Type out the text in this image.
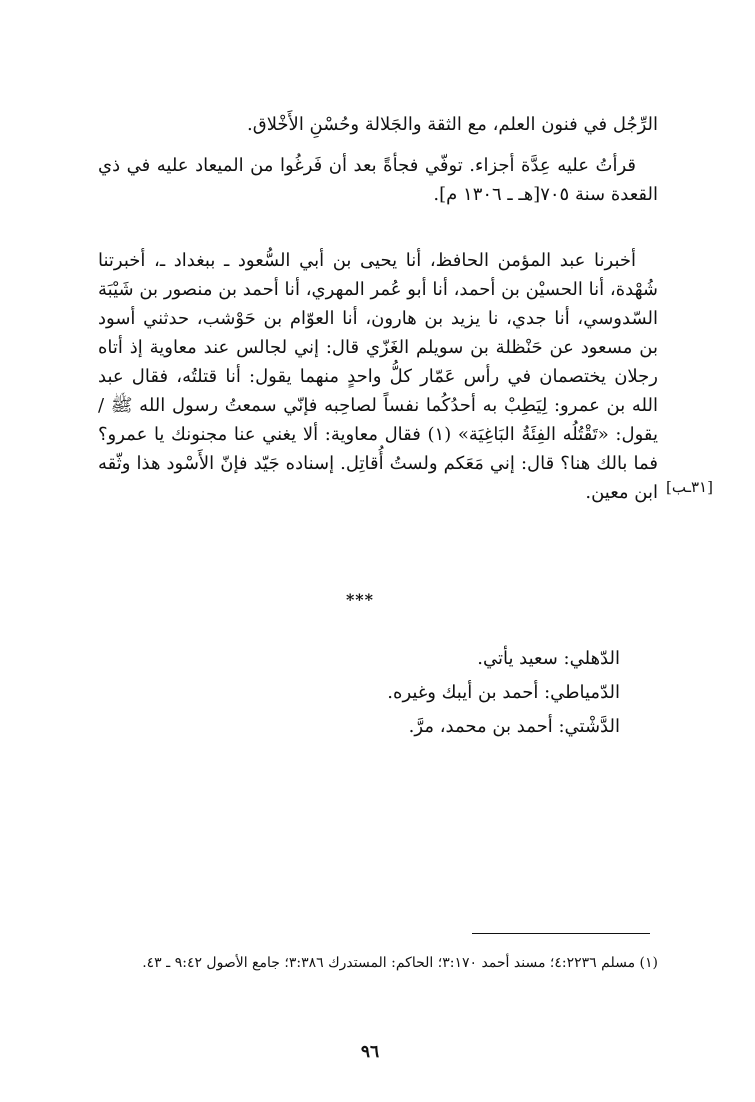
الرِّجُل في فنون العلم، مع الثقة والجَلالة وحُسْنِ الأَخْلاق.

قرأتُ عليه عِدَّة أجزاء. توفّي فجأةً بعد أن فَرغُوا من الميعاد عليه في ذي القعدة سنة ٧٠٥[هـ ـ ١٣٠٦ م].

أخبرنا عبد المؤمن الحافظ، أنا يحيى بن أبي السُّعود ـ ببغداد ـ، أخبرتنا شُهْدة، أنا الحسيْن بن أحمد، أنا أبو عُمر المهري، أنا أحمد بن منصور بن شَيْبَة السّدوسي، أنا جدي، نا يزيد بن هارون، أنا العوّام بن حَوْشب، حدثني أسود بن مسعود عن حَنْظلة بن سويلم الغَزّي قال: إني لجالس عند معاوية إذ أتاه رجلان يختصمان في رأس عَمّار كلُّ واحدٍ منهما يقول: أنا قتلتُه، فقال عبد الله بن عمرو: لِيَطِبْ به أحدُكُما نفساً لصاحِبه فإنّي سمعتُ رسول الله ﷺ / يقول: «تَقْتُلُه الفِئَةُ البَاغِيَة» (١) فقال معاوية: ألا يغني عنا مجنونك يا عمرو؟ فما بالك هنا؟ قال: إني مَعَكم ولستُ أُقاتِل. إسناده جَيّد فإنّ الأَسْود هذا وثّقه ابن معين. [٣١ـب]
***
الدّهلي: سعيد يأتي.
الدّمياطي: أحمد بن أيبك وغيره.
الدَّشْتي: أحمد بن محمد، مرَّ.
(١) مسلم ٤:٢٢٣٦؛ مسند أحمد ٣:١٧٠؛ الحاكم: المستدرك ٣:٣٨٦؛ جامع الأصول ٩:٤٢ ـ ٤٣.
٩٦
